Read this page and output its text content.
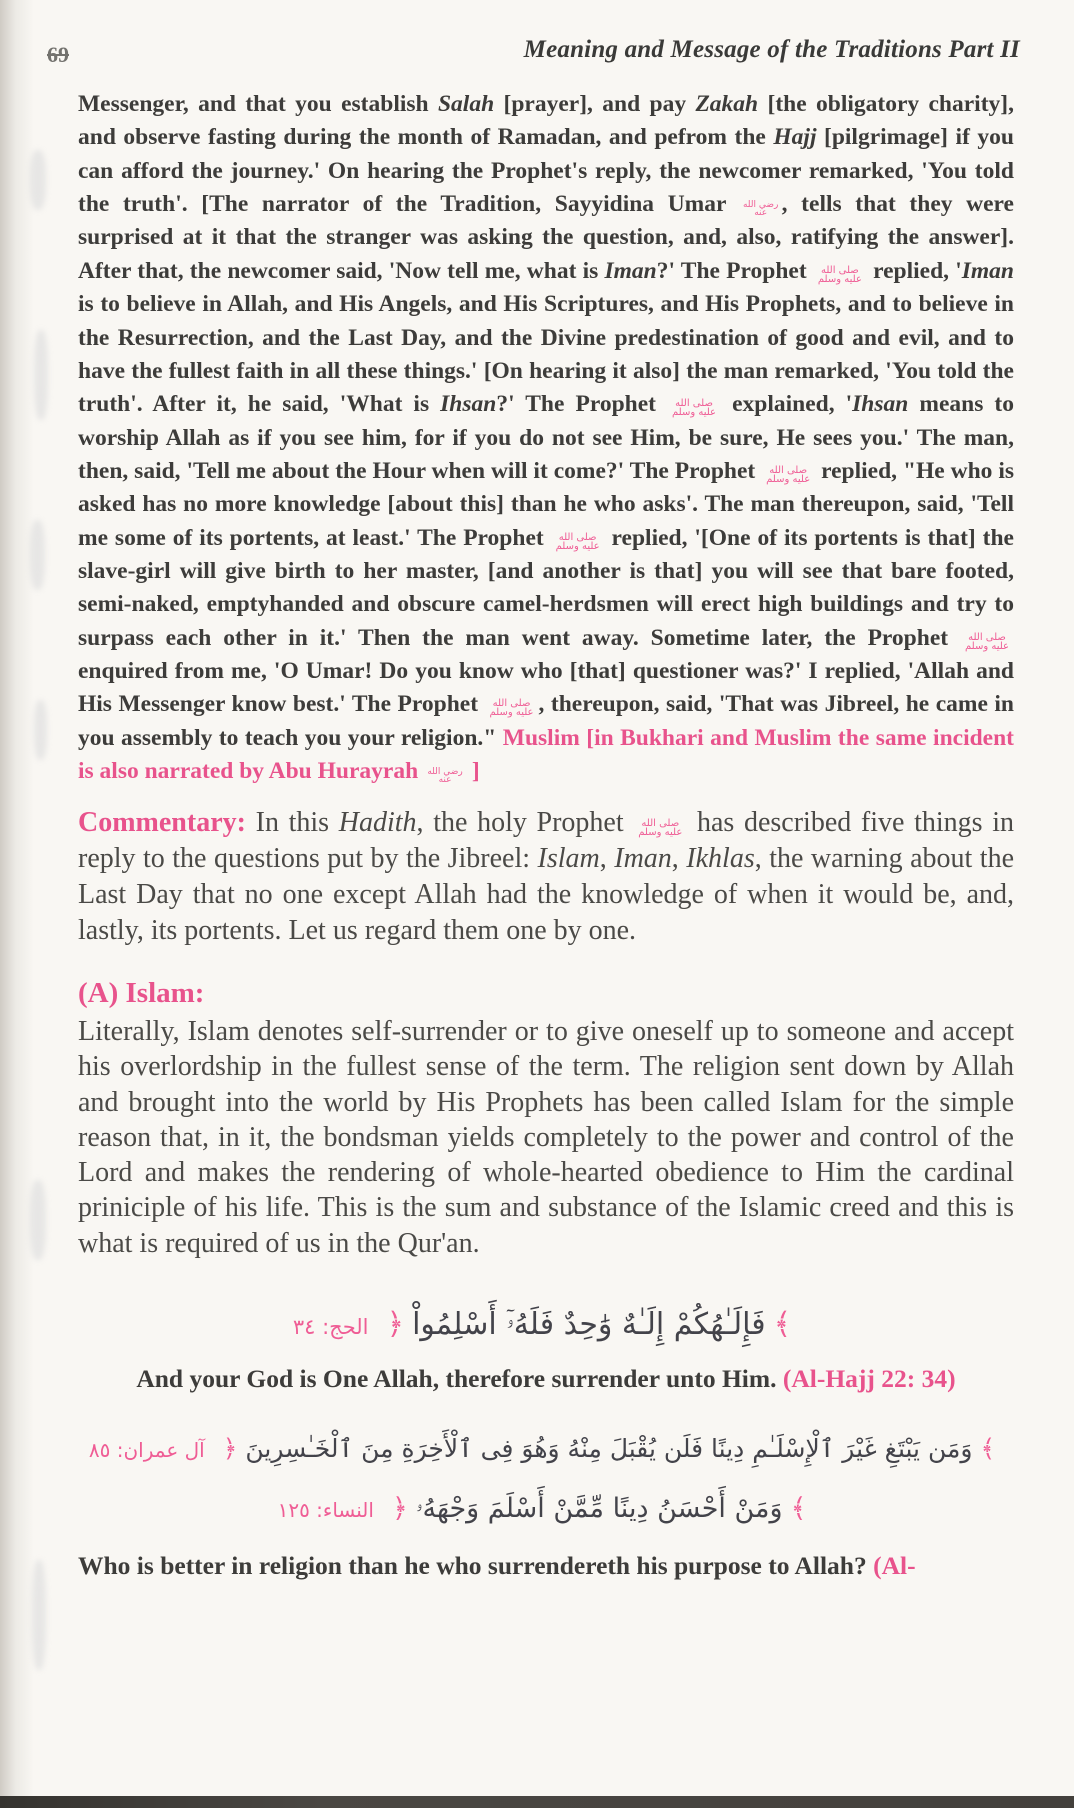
69	Meaning and Message of the Traditions Part II

Messenger, and that you establish Salah [prayer], and pay Zakah [the obligatory charity], and observe fasting during the month of Ramadan, and pefrom the Hajj [pilgrimage] if you can afford the journey.' On hearing the Prophet's reply, the newcomer remarked, 'You told the truth'. [The narrator of the Tradition, Sayyidina Umar رضي الله عنه , tells that they were surprised at it that the stranger was asking the question, and, also, ratifying the answer]. After that, the newcomer said, 'Now tell me, what is Iman?' The Prophet صلى الله عليه وسلم replied, 'Iman is to believe in Allah, and His Angels, and His Scriptures, and His Prophets, and to believe in the Resurrection, and the Last Day, and the Divine predestination of good and evil, and to have the fullest faith in all these things.' [On hearing it also] the man remarked, 'You told the truth'. After it, he said, 'What is Ihsan?' The Prophet صلى الله عليه وسلم explained, 'Ihsan means to worship Allah as if you see him, for if you do not see Him, be sure, He sees you.' The man, then, said, 'Tell me about the Hour when will it come?' The Prophet صلى الله عليه وسلم replied, "He who is asked has no more knowledge [about this] than he who asks'. The man thereupon, said, 'Tell me some of its portents, at least.' The Prophet صلى الله عليه وسلم replied, '[One of its portents is that] the slave-girl will give birth to her master, [and another is that] you will see that bare footed, semi-naked, emptyhanded and obscure camel-herdsmen will erect high buildings and try to surpass each other in it.' Then the man went away. Sometime later, the Prophet صلى الله عليه وسلم enquired from me, 'O Umar! Do you know who [that] questioner was?' I replied, 'Allah and His Messenger know best.' The Prophet صلى الله عليه وسلم , thereupon, said, 'That was Jibreel, he came in you assembly to teach you your religion." Muslim [in Bukhari and Muslim the same incident is also narrated by Abu Hurayrah رضي الله عنه ]

Commentary: In this Hadith, the holy Prophet صلى الله عليه وسلم has described five things in reply to the questions put by the Jibreel: Islam, Iman, Ikhlas, the warning about the Last Day that no one except Allah had the knowledge of when it would be, and, lastly, its portents. Let us regard them one by one.

(A) Islam:

Literally, Islam denotes self-surrender or to give oneself up to someone and accept his overlordship in the fullest sense of the term. The religion sent down by Allah and brought into the world by His Prophets has been called Islam for the simple reason that, in it, the bondsman yields completely to the power and control of the Lord and makes the rendering of whole-hearted obedience to Him the cardinal priniciple of his life. This is the sum and substance of the Islamic creed and this is what is required of us in the Qur'an.

﴾فَإِلَـٰهُكُمْ إِلَـٰهٌ وَٰحِدٌ فَلَهُۥٓ أَسْلِمُواْ﴿الحج: ٣٤

And your God is One Allah, therefore surrender unto Him. (Al-Hajj 22: 34)

﴾وَمَن يَبْتَغِ غَيْرَ ٱلْإِسْلَـٰمِ دِينًا فَلَن يُقْبَلَ مِنْهُ وَهُوَ فِى ٱلْأَخِرَةِ مِنَ ٱلْخَـٰسِرِينَ﴿آل عمران: ٨٥
﴾وَمَنْ أَحْسَنُ دِينًا مِّمَّنْ أَسْلَمَ وَجْهَهُۥ﴿النساء: ١٢٥

Who is better in religion than he who surrendereth his purpose to Allah? (Al-
